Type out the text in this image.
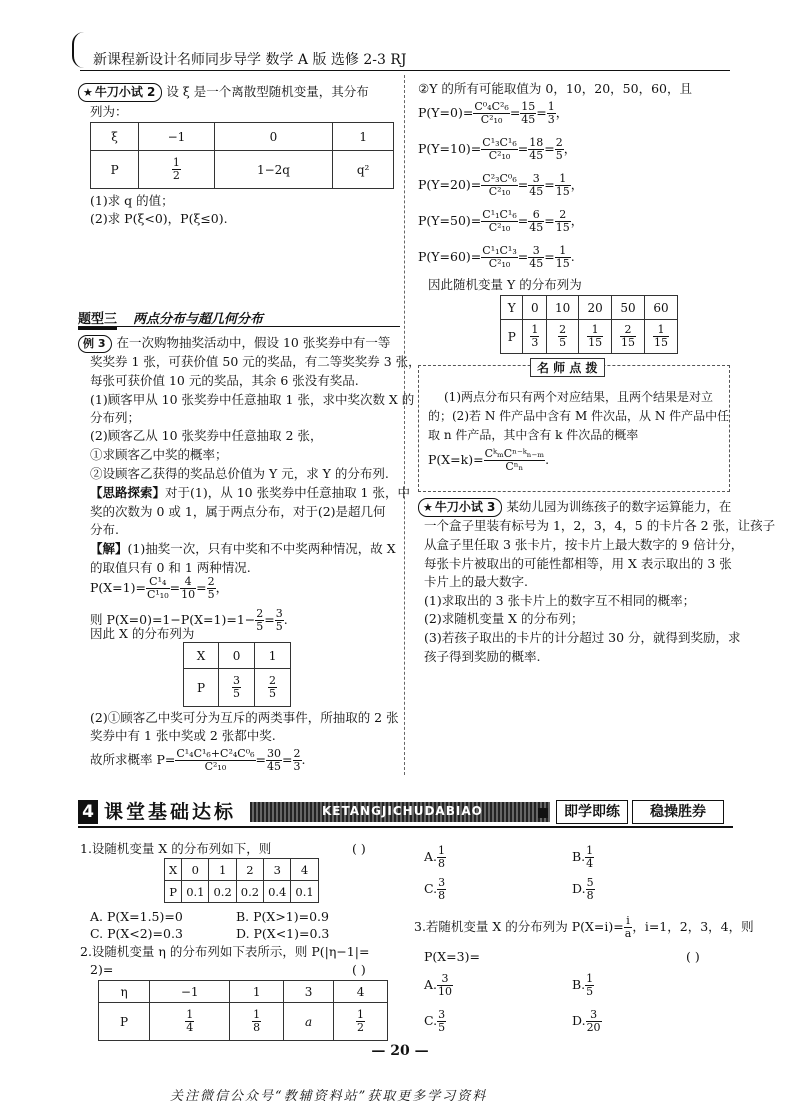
新课程新设计名师同步导学 数学 A 版 选修 2-3 RJ
★ 牛刀小试 2 设 ξ 是一个离散型随机变量，其分布
列为：
ξ	−1	0	1
P	$\frac{1}{2}$	1−2q	q²
(1)求 q 的值；
(2)求 P(ξ<0)，P(ξ≤0).
题型三 两点分布与超几何分布
例 3 在一次购物抽奖活动中，假设 10 张奖券中有一等
奖奖券 1 张，可获价值 50 元的奖品，有二等奖奖券 3 张，
每张可获价值 10 元的奖品，其余 6 张没有奖品.
(1)顾客甲从 10 张奖券中任意抽取 1 张，求中奖次数 X 的
分布列；
(2)顾客乙从 10 张奖券中任意抽取 2 张，
①求顾客乙中奖的概率；
②设顾客乙获得的奖品总价值为 Y 元，求 Y 的分布列.
【思路探索】对于(1)，从 10 张奖券中任意抽取 1 张，中
奖的次数为 0 或 1，属于两点分布，对于(2)是超几何
分布.
【解】(1)抽奖一次，只有中奖和不中奖两种情况，故 X
的取值只有 0 和 1 两种情况.
$P(X=1)= \frac{\text{C¹₄}}{\text{C¹₁₀}} = \frac{4}{10} = \frac{2}{5}$ ，
则 $P(X=0)=1-P(X=1)=1- \frac{2}{5} = \frac{3}{5}$ .
因此 X 的分布列为
X	0	1
P	$\frac{3}{5}$	$\frac{2}{5}$
(2)①顾客乙中奖可分为互斥的两类事件，所抽取的 2 张
奖券中有 1 张中奖或 2 张都中奖.
故所求概率 $P= \frac{\text{C¹₄C¹₆+C²₄C⁰₆}}{\text{C²₁₀}} = \frac{30}{45} = \frac{2}{3}$ .
②Y 的所有可能取值为 0，10，20，50，60，且
$P(Y=0)= \frac{\text{C⁰₄C²₆}}{\text{C²₁₀}} = \frac{15}{45} = \frac{1}{3}$ ，
$P(Y=10)= \frac{\text{C¹₃C¹₆}}{\text{C²₁₀}} = \frac{18}{45} = \frac{2}{5}$ ，
$P(Y=20)= \frac{\text{C²₃C⁰₆}}{\text{C²₁₀}} = \frac{3}{45} = \frac{1}{15}$ ，
$P(Y=50)= \frac{\text{C¹₁C¹₆}}{\text{C²₁₀}} = \frac{6}{45} = \frac{2}{15}$ ，
$P(Y=60)= \frac{\text{C¹₁C¹₃}}{\text{C²₁₀}} = \frac{3}{45} = \frac{1}{15}$ .
因此随机变量 Y 的分布列为
Y	0	10	20	50	60
P	$\frac{1}{3}$	$\frac{2}{5}$	$\frac{1}{15}$	$\frac{2}{15}$	$\frac{1}{15}$
名 师 点 拨
(1)两点分布只有两个对应结果，且两个结果是对立
的；(2)若 N 件产品中含有 M 件次品，从 N 件产品中任
取 n 件产品，其中含有 k 件次品的概率
$P(X=k)= \frac{\text{CᵏₘCⁿ⁻ᵏₙ₋ₘ}}{\text{Cⁿₙ}}$ .
★ 牛刀小试 3 某幼儿园为训练孩子的数字运算能力，在
一个盒子里装有标号为 1，2，3，4，5 的卡片各 2 张，让孩子
从盒子里任取 3 张卡片，按卡片上最大数字的 9 倍计分，
每张卡片被取出的可能性都相等，用 X 表示取出的 3 张
卡片上的最大数字.
(1)求取出的 3 张卡片上的数字互不相同的概率；
(2)求随机变量 X 的分布列；
(3)若孩子取出的卡片的计分超过 30 分，就得到奖励，求
孩子得到奖励的概率.
4 课堂基础达标	KETANGJICHUDABIAO	即学即练	稳操胜券
1.设随机变量 X 的分布列如下，则	( )
X	0	1	2	3	4
P	0.1	0.2	0.2	0.4	0.1
A. P(X=1.5)=0	B. P(X>1)=0.9
C. P(X<2)=0.3	D. P(X<1)=0.3
2.设随机变量 η 的分布列如下表所示，则 P(|η−1|=
2)=	( )
η	−1	1	3	4
P	$\frac{1}{4}$	$\frac{1}{8}$	a	$\frac{1}{2}$
A. $\frac{1}{8}$	B. $\frac{1}{4}$
C. $\frac{3}{8}$	D. $\frac{5}{8}$
3.若随机变量 X 的分布列为 $P(X=i)= \frac{i}{a}$ ，i=1，2，3，4，则
P(X=3)=	( )
A. $\frac{3}{10}$	B. $\frac{1}{5}$
C. $\frac{3}{5}$	D. $\frac{3}{20}$
— 20 —
关注微信公众号“教辅资料站”获取更多学习资料
